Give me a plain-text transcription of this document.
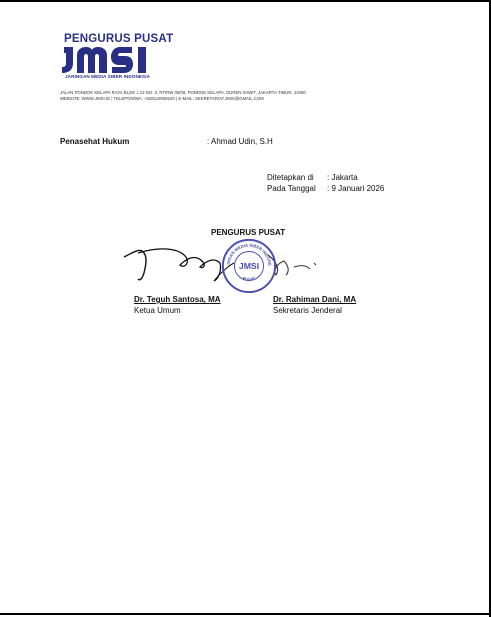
PENGURUS PUSAT
JARINGAN MEDIA SIBER INDONESIA
JALAN PONDOK KELAPA RAYA BLOK J.13 NO. 3, RT/RW 05/08, PONDOK KELAPA, DUREN SAWIT, JAKARTA TIMUR, 13450
WEBSITE: WWW.JMSI.ID | TELEPON/WA: +628119008220 | E-MAIL: SEKRETARIAT.JMSI@GMAIL.COM
Penasehat Hukum	: Ahmad Udin, S.H
Ditetapkan di : Jakarta
Pada Tanggal : 9 Januari 2026
PENGURUS PUSAT
INGAN MEDIA SIBER INDONE
PUSAT
JMSI
Dr. Teguh Santosa, MA
Ketua Umum
Dr. Rahiman Dani, MA
Sekretaris Jenderal
